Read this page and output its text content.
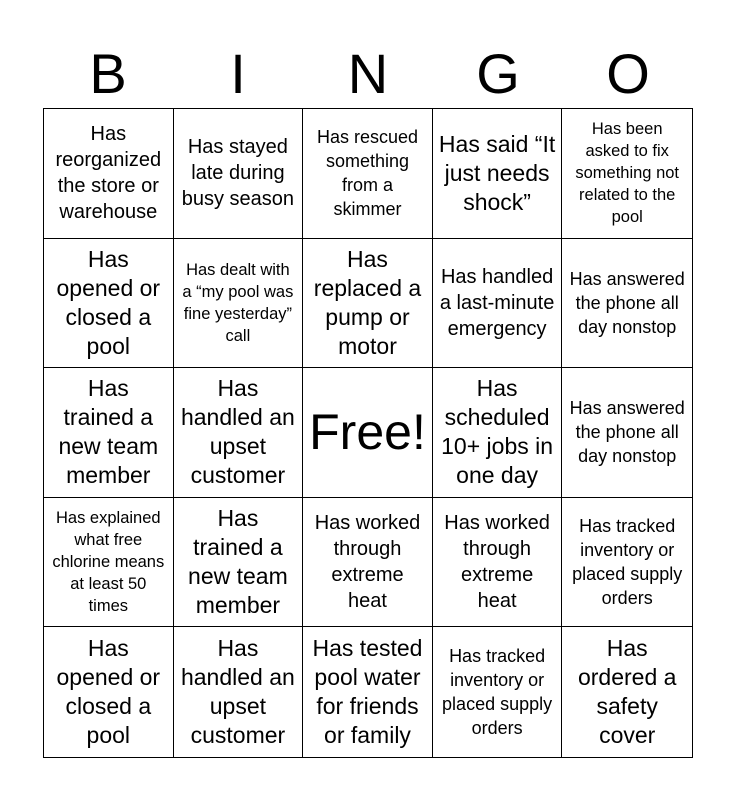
B	I	N	G	O
Has reorganized the store or warehouse
Has stayed late during busy season
Has rescued something from a skimmer
Has said “It just needs shock”
Has been asked to fix something not related to the pool
Has opened or closed a pool
Has dealt with a “my pool was fine yesterday” call
Has replaced a pump or motor
Has handled a last-minute emergency
Has answered the phone all day nonstop
Has trained a new team member
Has handled an upset customer
Free!
Has scheduled 10+ jobs in one day
Has answered the phone all day nonstop
Has explained what free chlorine means at least 50 times
Has trained a new team member
Has worked through extreme heat
Has worked through extreme heat
Has tracked inventory or placed supply orders
Has opened or closed a pool
Has handled an upset customer
Has tested pool water for friends or family
Has tracked inventory or placed supply orders
Has ordered a safety cover
